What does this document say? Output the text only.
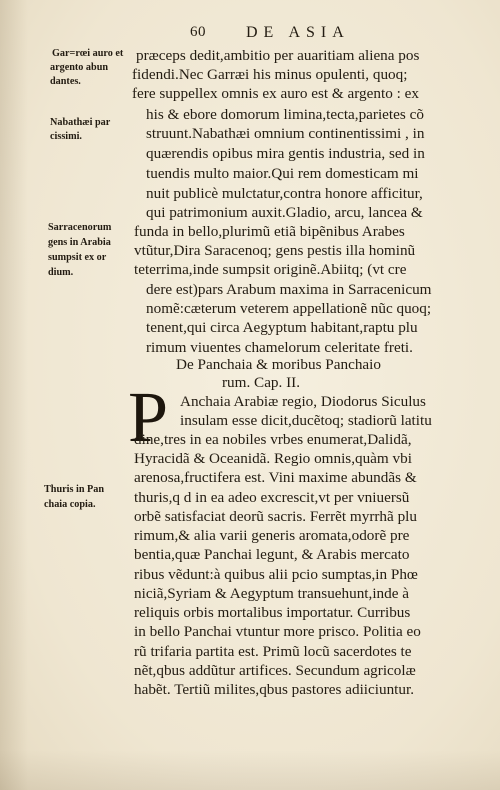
60	DE ASIA
Gar=rœi auro et
argento abun
dantes.
Nabathæi par
cissimi.
Sarracenorum
gens in Arabia
sumpsit ex or
dium.
Thuris in Pan
chaia copia.
præceps dedit,ambitio per auaritiam aliena pos
fidendi.Nec Garræi his minus opulenti, quoq;
fere suppellex omnis ex auro est & argento : ex
his & ebore domorum limina,tecta,parietes cõ
struunt.Nabathæi omnium continentissimi , in
quærendis opibus mira gentis industria, sed in
tuendis multo maior.Qui rem domesticam mi
nuit publicè mulctatur,contra honore afficitur,
qui patrimonium auxit.Gladio, arcu, lancea &
funda in bello,plurimũ etiã bipẽnibus Arabes
vtũtur,Dira Saracenoq; gens pestis illa hominũ
teterrima,inde sumpsit originẽ.Abiitq; (vt cre
dere est)pars Arabum maxima in Sarracenicum
nomẽ:cæterum veterem appellationẽ nũc quoq;
tenent,qui circa Aegyptum habitant,raptu plu
rimum viuentes chamelorum celeritate freti.
De Panchaia & moribus Panchaio
rum. Cap. II.
P Anchaia Arabiæ regio, Diodorus Siculus
insulam esse dicit,ducẽtoq; stadiorũ latitu
dine,tres in ea nobiles vrbes enumerat,Dalidã,
Hyracidã & Oceanidã. Regio omnis,quàm vbi
arenosa,fructifera est. Vini maxime abundãs &
thuris,q d in ea adeo excrescit,vt per vniuersũ
orbẽ satisfaciat deorũ sacris. Ferrẽt myrrhã plu
rimum,& alia varii generis aromata,odorẽ pre
bentia,quæ Panchai legunt, & Arabis mercato
ribus vẽdunt:à quibus alii pcio sumptas,in Phœ
niciã,Syriam & Aegyptum transuehunt,inde à
reliquis orbis mortalibus importatur. Curribus
in bello Panchai vtuntur more prisco. Politia eo
rũ trifaria partita est. Primũ locũ sacerdotes te
nẽt,qbus addũtur artifices. Secundum agricolæ
habẽt. Tertiũ milites,qbus pastores adiiciuntur.
